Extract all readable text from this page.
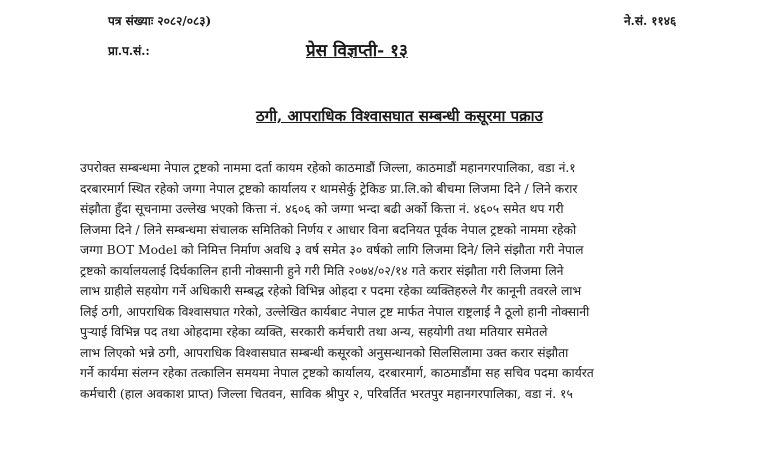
पत्र संख्याः २०८२/०८३)	ने.सं. ११४६
प्रा.प.सं.:	प्रेस विज्ञप्ती- १३
ठगी, आपराधिक विश्वासघात सम्बन्धी कसूरमा पक्राउ
उपरोक्त सम्बन्धमा नेपाल ट्रष्टको नाममा दर्ता कायम रहेको काठमाडौं जिल्ला, काठमाडौं महानगरपालिका, वडा नं.१
दरबारमार्ग स्थित रहेको जग्गा नेपाल ट्रष्टको कार्यालय र थामसेर्कु ट्रेकिङ प्रा.लि.को बीचमा लिजमा दिने / लिने करार
संझौता हुँदा सूचनामा उल्लेख भएको कित्ता नं. ४६०६ को जग्गा भन्दा बढी अर्को कित्ता नं. ४६०५ समेत थप गरी
लिजमा दिने / लिने सम्बन्धमा संचालक समितिको निर्णय र आधार विना बदनियत पूर्वक नेपाल ट्रष्टको नाममा रहेको
जग्गा BOT Model को निमित्त निर्माण अवधि ३ वर्ष समेत ३० वर्षको लागि लिजमा दिने/ लिने संझौता गरी नेपाल
ट्रष्टको कार्यालयलाई दिर्घकालिन हानी नोक्सानी हुने गरी मिति २०७४/०२/१४ गते करार संझौता गरी लिजमा लिने
लाभ ग्राहीले सहयोग गर्ने अधिकारी सम्बद्ध रहेको विभिन्न ओहदा र पदमा रहेका व्यक्तिहरुले गैर कानूनी तवरले लाभ
लिई ठगी, आपराधिक विश्वासघात गरेको, उल्लेखित कार्यबाट नेपाल ट्रष्ट मार्फत नेपाल राष्ट्रलाई नै ठूलो हानी नोक्सानी
पुऱ्याई विभिन्न पद तथा ओहदामा रहेका व्यक्ति, सरकारी कर्मचारी तथा अन्य, सहयोगी तथा मतियार समेतले
लाभ लिएको भन्ने ठगी, आपराधिक विश्वासघात सम्बन्धी कसूरको अनुसन्धानको सिलसिलामा उक्त करार संझौता
गर्ने कार्यमा संलग्न रहेका तत्कालिन समयमा नेपाल ट्रष्टको कार्यालय, दरबारमार्ग, काठमाडौंमा सह सचिव पदमा कार्यरत
कर्मचारी (हाल अवकाश प्राप्त) जिल्ला चितवन, साविक श्रीपुर २, परिवर्तित भरतपुर महानगरपालिका, वडा नं. १५
